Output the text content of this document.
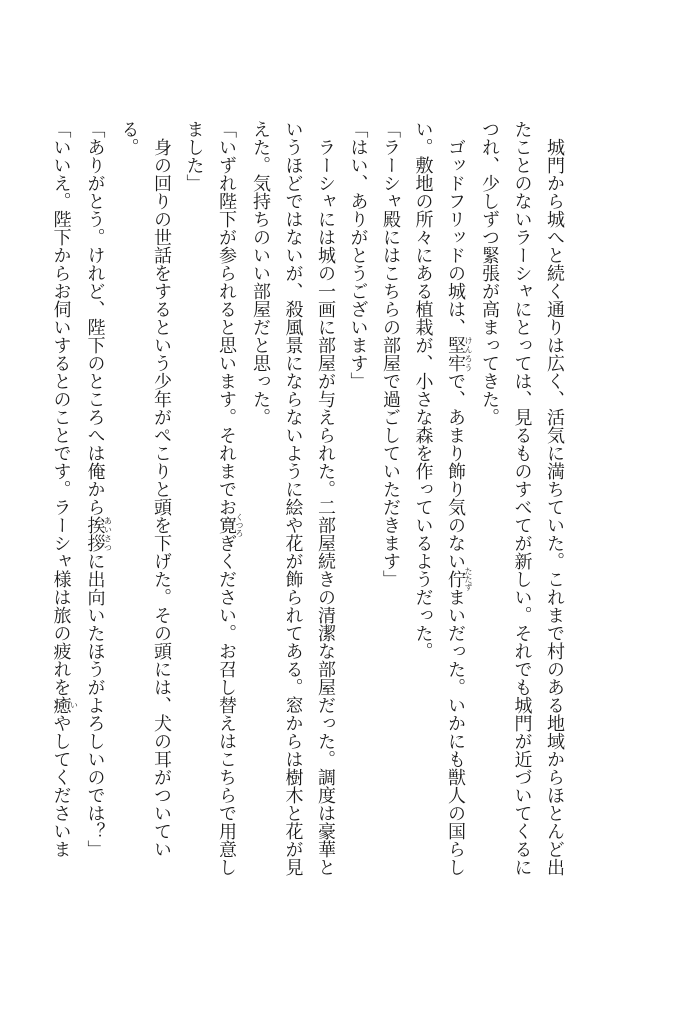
城門から城へと続く通りは広く、活気に満ちていた。これまで村のある地域からほとんど出

たことのないラーシャにとっては、見るものすべてが新しい。それでも城門が近づいてくるに

つれ、少しずつ緊張が高まってきた。

ゴッドフリッドの城は、堅牢けんろうで、あまり飾り気のない佇たたずまいだった。いかにも獣人の国らし

い。敷地の所々にある植栽が、小さな森を作っているようだった。

「ラーシャ殿にはこちらの部屋で過ごしていただきます」

「はい、ありがとうございます」

ラーシャには城の一画に部屋が与えられた。二部屋続きの清潔な部屋だった。調度は豪華と

いうほどではないが、殺風景にならないように絵や花が飾られてある。窓からは樹木と花が見

えた。気持ちのいい部屋だと思った。

「いずれ陛下が参られると思います。それまでお寛くつろぎください。お召し替えはこちらで用意し

ました」

身の回りの世話をするという少年がぺこりと頭を下げた。その頭には、犬の耳がついてい

る。

「ありがとう。けれど、陛下のところへは俺から挨拶あいさつに出向いたほうがよろしいのでは？」

「いいえ。陛下からお伺いするとのことです。ラーシャ様は旅の疲れを癒いやしてくださいま
